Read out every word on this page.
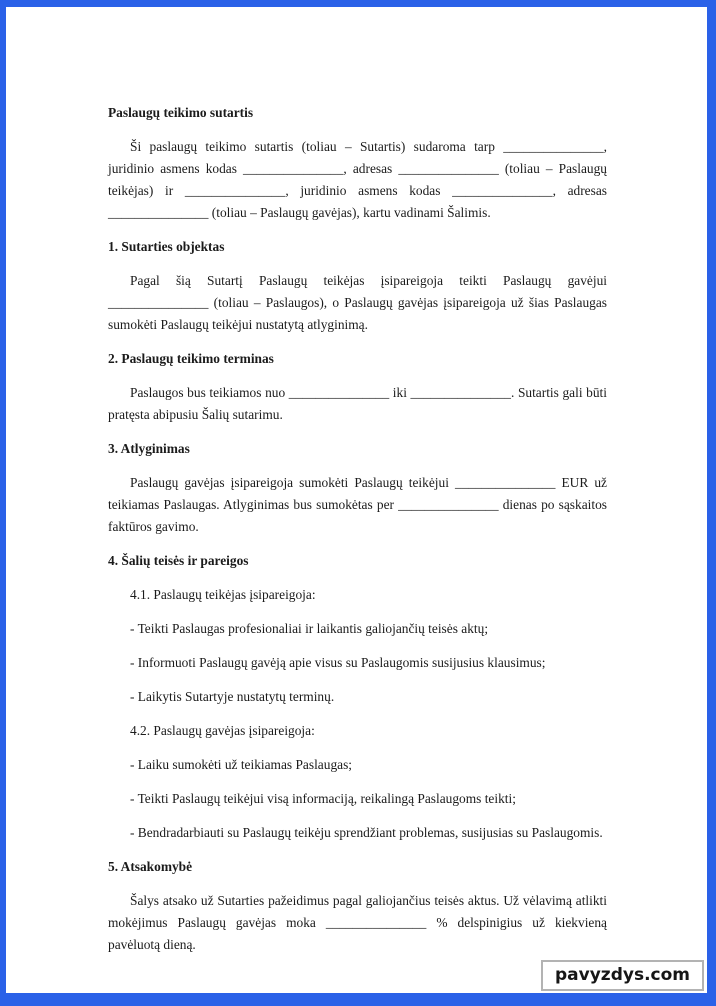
Paslaugų teikimo sutartis

Ši paslaugų teikimo sutartis (toliau – Sutartis) sudaroma tarp _______________, juridinio asmens kodas _______________, adresas _______________ (toliau – Paslaugų teikėjas) ir _______________, juridinio asmens kodas _______________, adresas _______________ (toliau – Paslaugų gavėjas), kartu vadinami Šalimis.

1. Sutarties objektas

Pagal šią Sutartį Paslaugų teikėjas įsipareigoja teikti Paslaugų gavėjui _______________ (toliau – Paslaugos), o Paslaugų gavėjas įsipareigoja už šias Paslaugas sumokėti Paslaugų teikėjui nustatytą atlyginimą.

2. Paslaugų teikimo terminas

Paslaugos bus teikiamos nuo _______________ iki _______________. Sutartis gali būti pratęsta abipusiu Šalių sutarimu.

3. Atlyginimas

Paslaugų gavėjas įsipareigoja sumokėti Paslaugų teikėjui _______________ EUR už teikiamas Paslaugas. Atlyginimas bus sumokėtas per _______________ dienas po sąskaitos faktūros gavimo.

4. Šalių teisės ir pareigos

4.1. Paslaugų teikėjas įsipareigoja:

- Teikti Paslaugas profesionaliai ir laikantis galiojančių teisės aktų;

- Informuoti Paslaugų gavėją apie visus su Paslaugomis susijusius klausimus;

- Laikytis Sutartyje nustatytų terminų.

4.2. Paslaugų gavėjas įsipareigoja:

- Laiku sumokėti už teikiamas Paslaugas;

- Teikti Paslaugų teikėjui visą informaciją, reikalingą Paslaugoms teikti;

- Bendradarbiauti su Paslaugų teikėju sprendžiant problemas, susijusias su Paslaugomis.

5. Atsakomybė

Šalys atsako už Sutarties pažeidimus pagal galiojančius teisės aktus. Už vėlavimą atlikti mokėjimus Paslaugų gavėjas moka _______________ % delspinigius už kiekvieną pavėluotą dieną.

pavyzdys.com
